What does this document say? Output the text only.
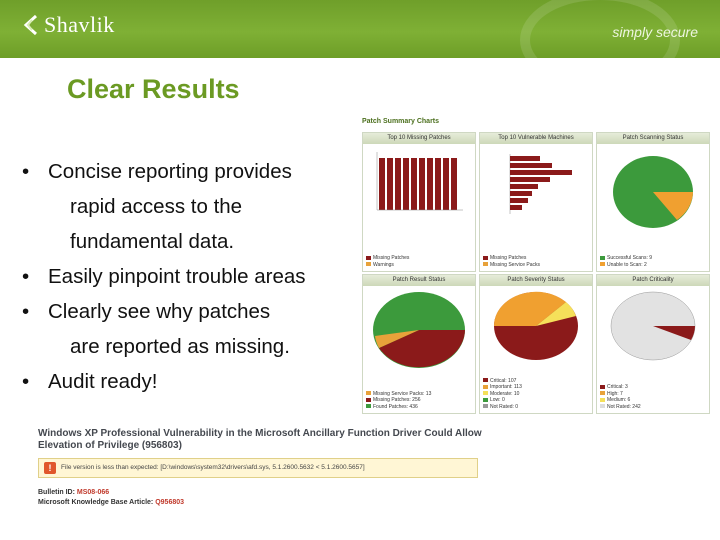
Shavlik	simply secure
Clear Results
• Concise reporting provides
rapid access to the
fundamental data.
• Easily pinpoint trouble areas
• Clearly see why patches
are reported as missing.
• Audit ready!
Patch Summary Charts
Top 10 Missing Patches
Missing Patches
Warnings
Top 10 Vulnerable Machines
Missing Patches
Missing Service Packs
Patch Scanning Status
Successful Scans: 9
Unable to Scan: 2
Patch Result Status
Missing Service Packs: 13
Missing Patches: 256
Found Patches: 436
Patch Severity Status
Critical: 107
Important: 113
Moderate: 10
Low: 0
Not Rated: 0
Patch Criticality
Critical: 3
High: 7
Medium: 6
Not Rated: 242
Windows XP Professional Vulnerability in the Microsoft Ancillary Function Driver Could Allow Elevation of Privilege (956803)
!	File version is less than expected: [D:\windows\system32\drivers\afd.sys, 5.1.2600.5632 < 5.1.2600.5657]
Bulletin ID: MS08-066
Microsoft Knowledge Base Article: Q956803
